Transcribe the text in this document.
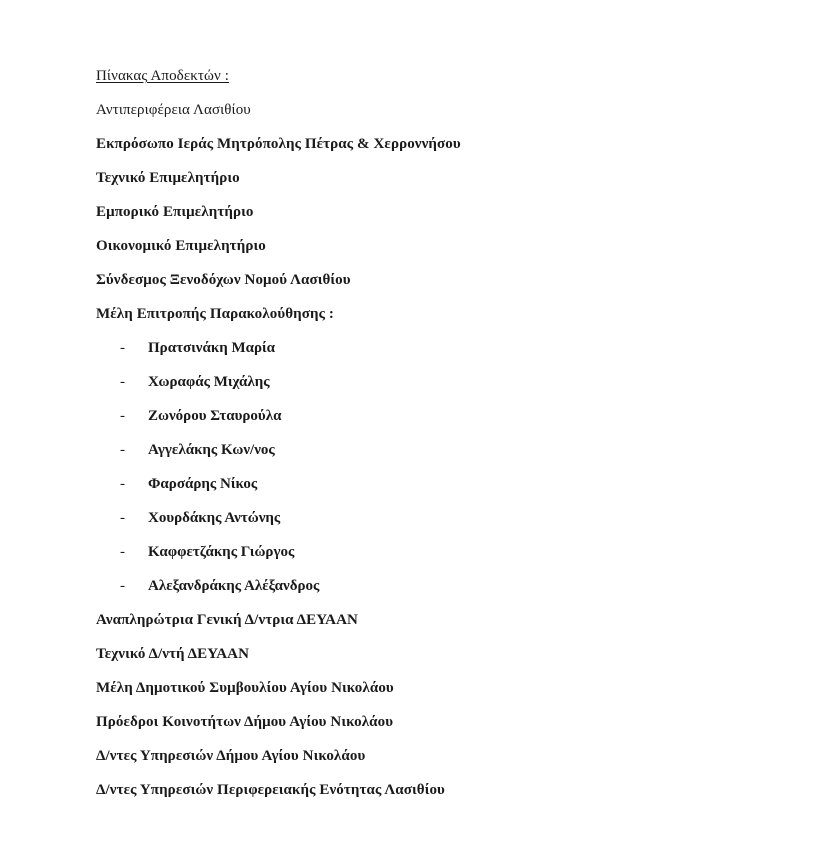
Πίνακας Αποδεκτών :
Αντιπεριφέρεια Λασιθίου
Εκπρόσωπο Ιεράς Μητρόπολης Πέτρας & Χερροννήσου
Τεχνικό Επιμελητήριο
Εμπορικό Επιμελητήριο
Οικονομικό Επιμελητήριο
Σύνδεσμος Ξενοδόχων Νομού Λασιθίου
Μέλη Επιτροπής Παρακολούθησης :
- Πρατσινάκη Μαρία
- Χωραφάς Μιχάλης
- Ζωνόρου Σταυρούλα
- Αγγελάκης Κων/νος
- Φαρσάρης Νίκος
- Χουρδάκης Αντώνης
- Καφφετζάκης Γιώργος
- Αλεξανδράκης Αλέξανδρος
Αναπληρώτρια Γενική Δ/ντρια ΔΕΥΑΑΝ
Τεχνικό Δ/ντή ΔΕΥΑΑΝ
Μέλη Δημοτικού Συμβουλίου Αγίου Νικολάου
Πρόεδροι Κοινοτήτων Δήμου Αγίου Νικολάου
Δ/ντες Υπηρεσιών Δήμου Αγίου Νικολάου
Δ/ντες Υπηρεσιών Περιφερειακής Ενότητας Λασιθίου
